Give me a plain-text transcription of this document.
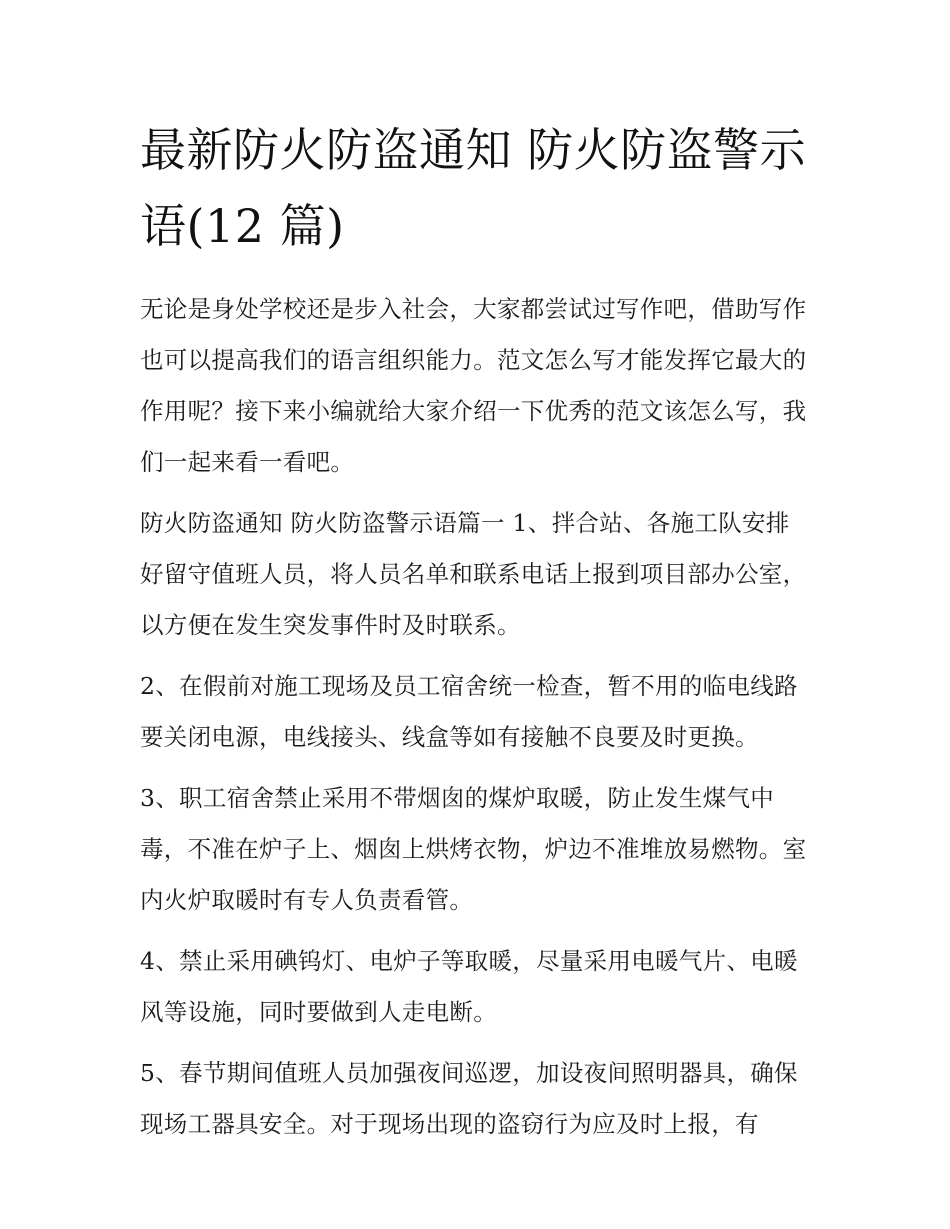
最新防火防盗通知 防火防盗警示语(12 篇)

无论是身处学校还是步入社会，大家都尝试过写作吧，借助写作也可以提高我们的语言组织能力。范文怎么写才能发挥它最大的作用呢？接下来小编就给大家介绍一下优秀的范文该怎么写，我们一起来看一看吧。

防火防盗通知 防火防盗警示语篇一 1、拌合站、各施工队安排好留守值班人员，将人员名单和联系电话上报到项目部办公室，以方便在发生突发事件时及时联系。

2、在假前对施工现场及员工宿舍统一检查，暂不用的临电线路要关闭电源，电线接头、线盒等如有接触不良要及时更换。

3、职工宿舍禁止采用不带烟囱的煤炉取暖，防止发生煤气中毒，不准在炉子上、烟囱上烘烤衣物，炉边不准堆放易燃物。室内火炉取暖时有专人负责看管。

4、禁止采用碘钨灯、电炉子等取暖，尽量采用电暖气片、电暖风等设施，同时要做到人走电断。

5、春节期间值班人员加强夜间巡逻，加设夜间照明器具，确保现场工器具安全。对于现场出现的盗窃行为应及时上报，有
